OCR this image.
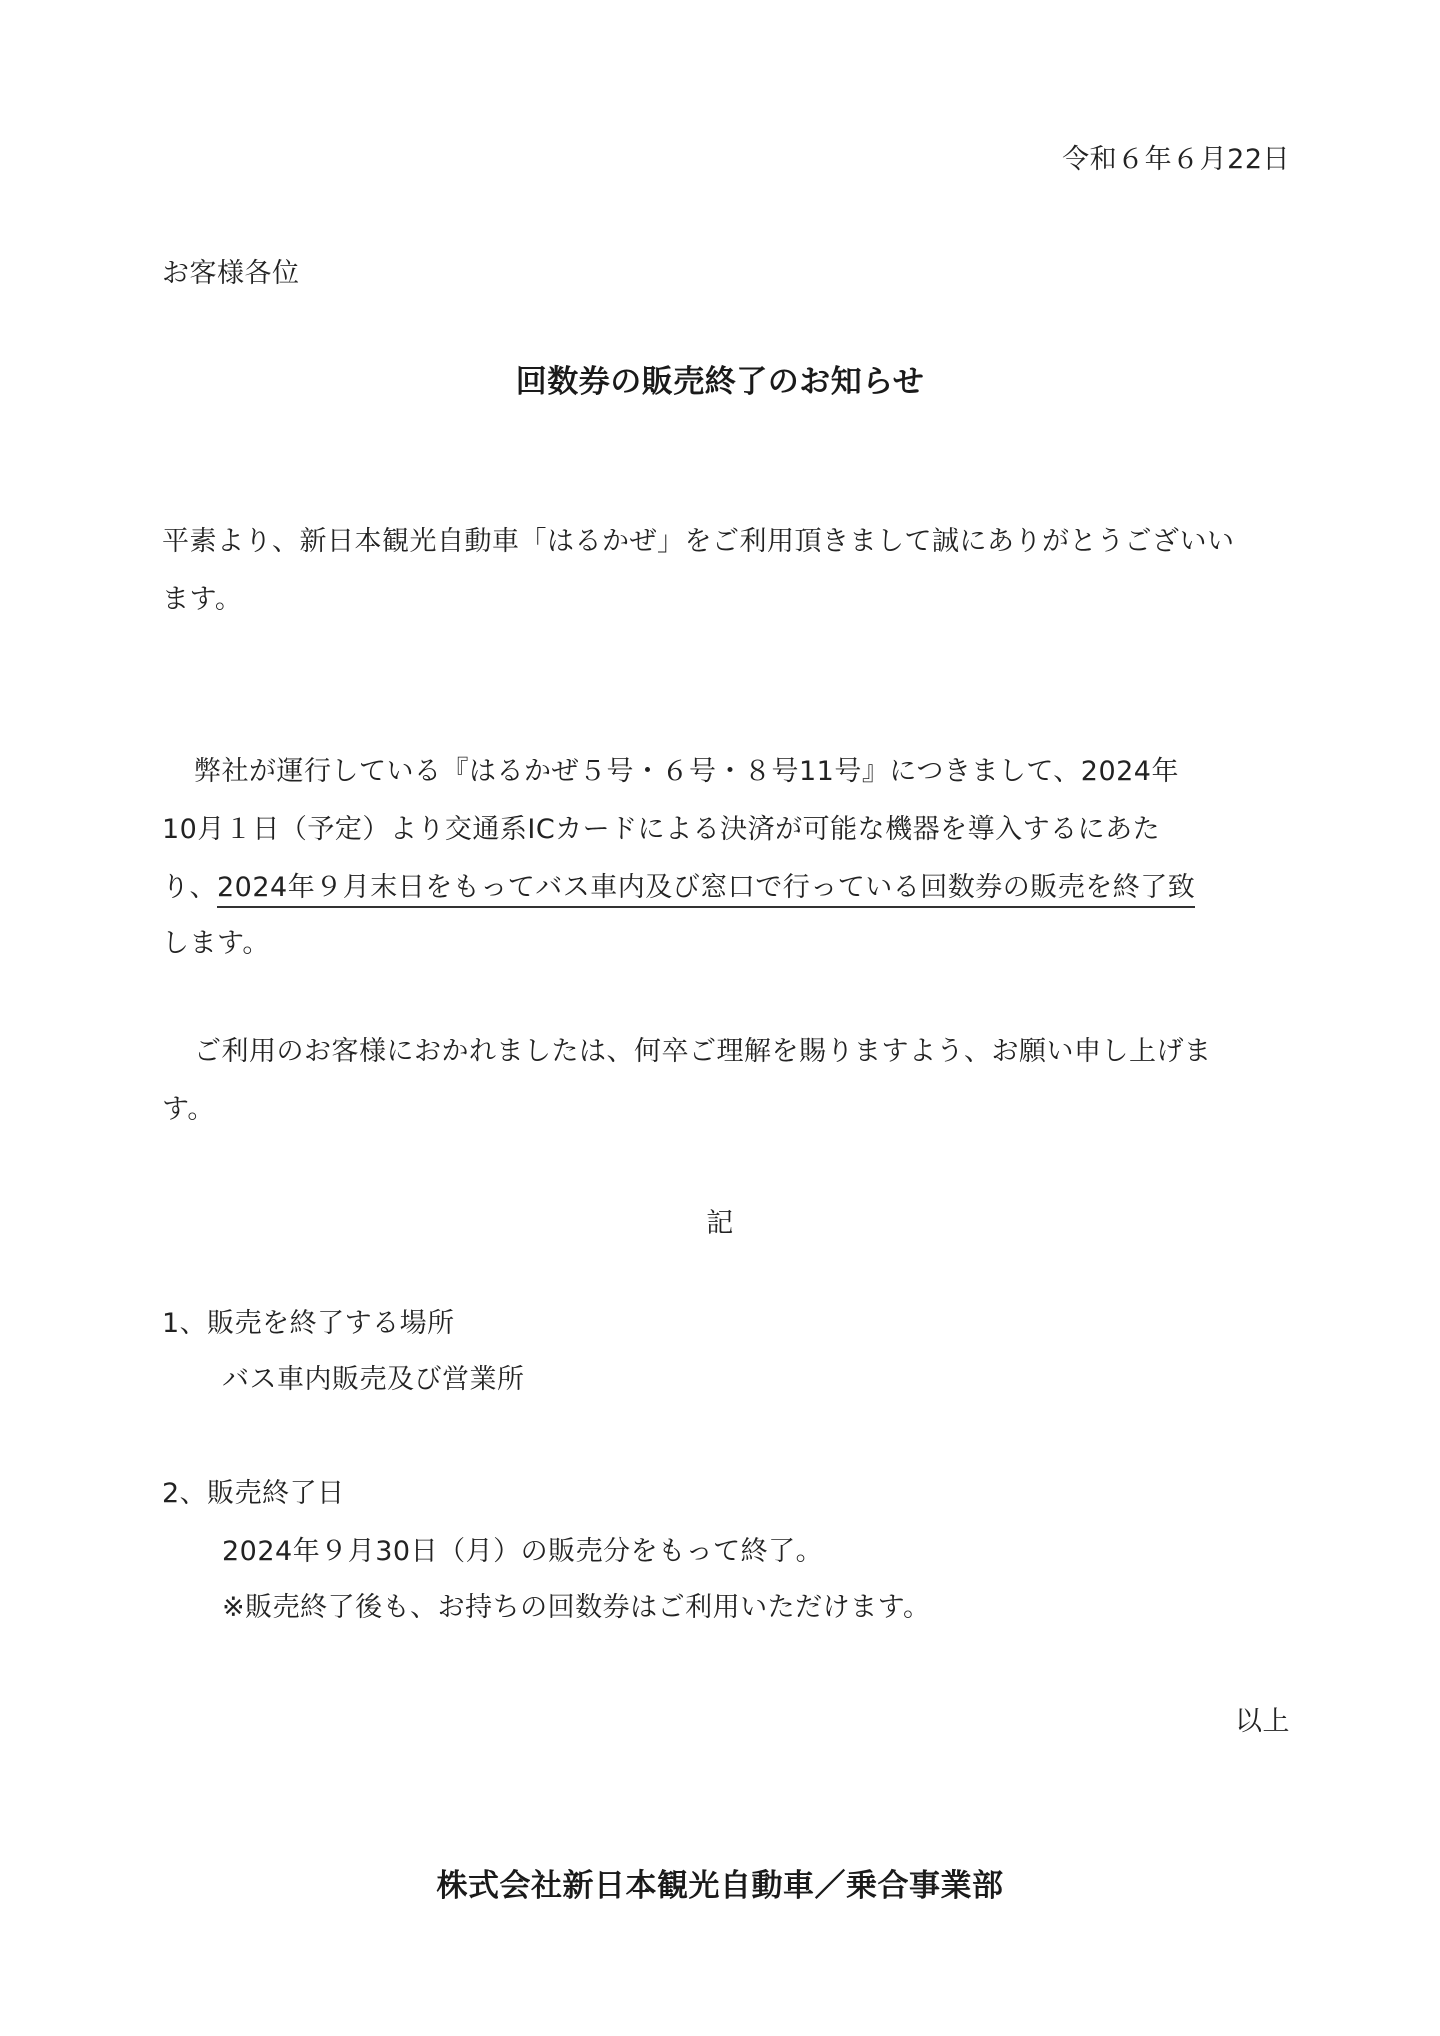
令和６年６月22日
お客様各位
回数券の販売終了のお知らせ
平素より、新日本観光自動車「はるかぜ」をご利用頂きまして誠にありがとうございい
ます。
弊社が運行している『はるかぜ５号・６号・８号11号』につきまして、2024年
10月１日（予定）より交通系ICカードによる決済が可能な機器を導入するにあた
り、2024年９月末日をもってバス車内及び窓口で行っている回数券の販売を終了致
します。
ご利用のお客様におかれましたは、何卒ご理解を賜りますよう、お願い申し上げま
す。
記
1、販売を終了する場所
バス車内販売及び営業所
2、販売終了日
2024年９月30日（月）の販売分をもって終了。
※販売終了後も、お持ちの回数券はご利用いただけます。
以上
株式会社新日本観光自動車／乗合事業部
